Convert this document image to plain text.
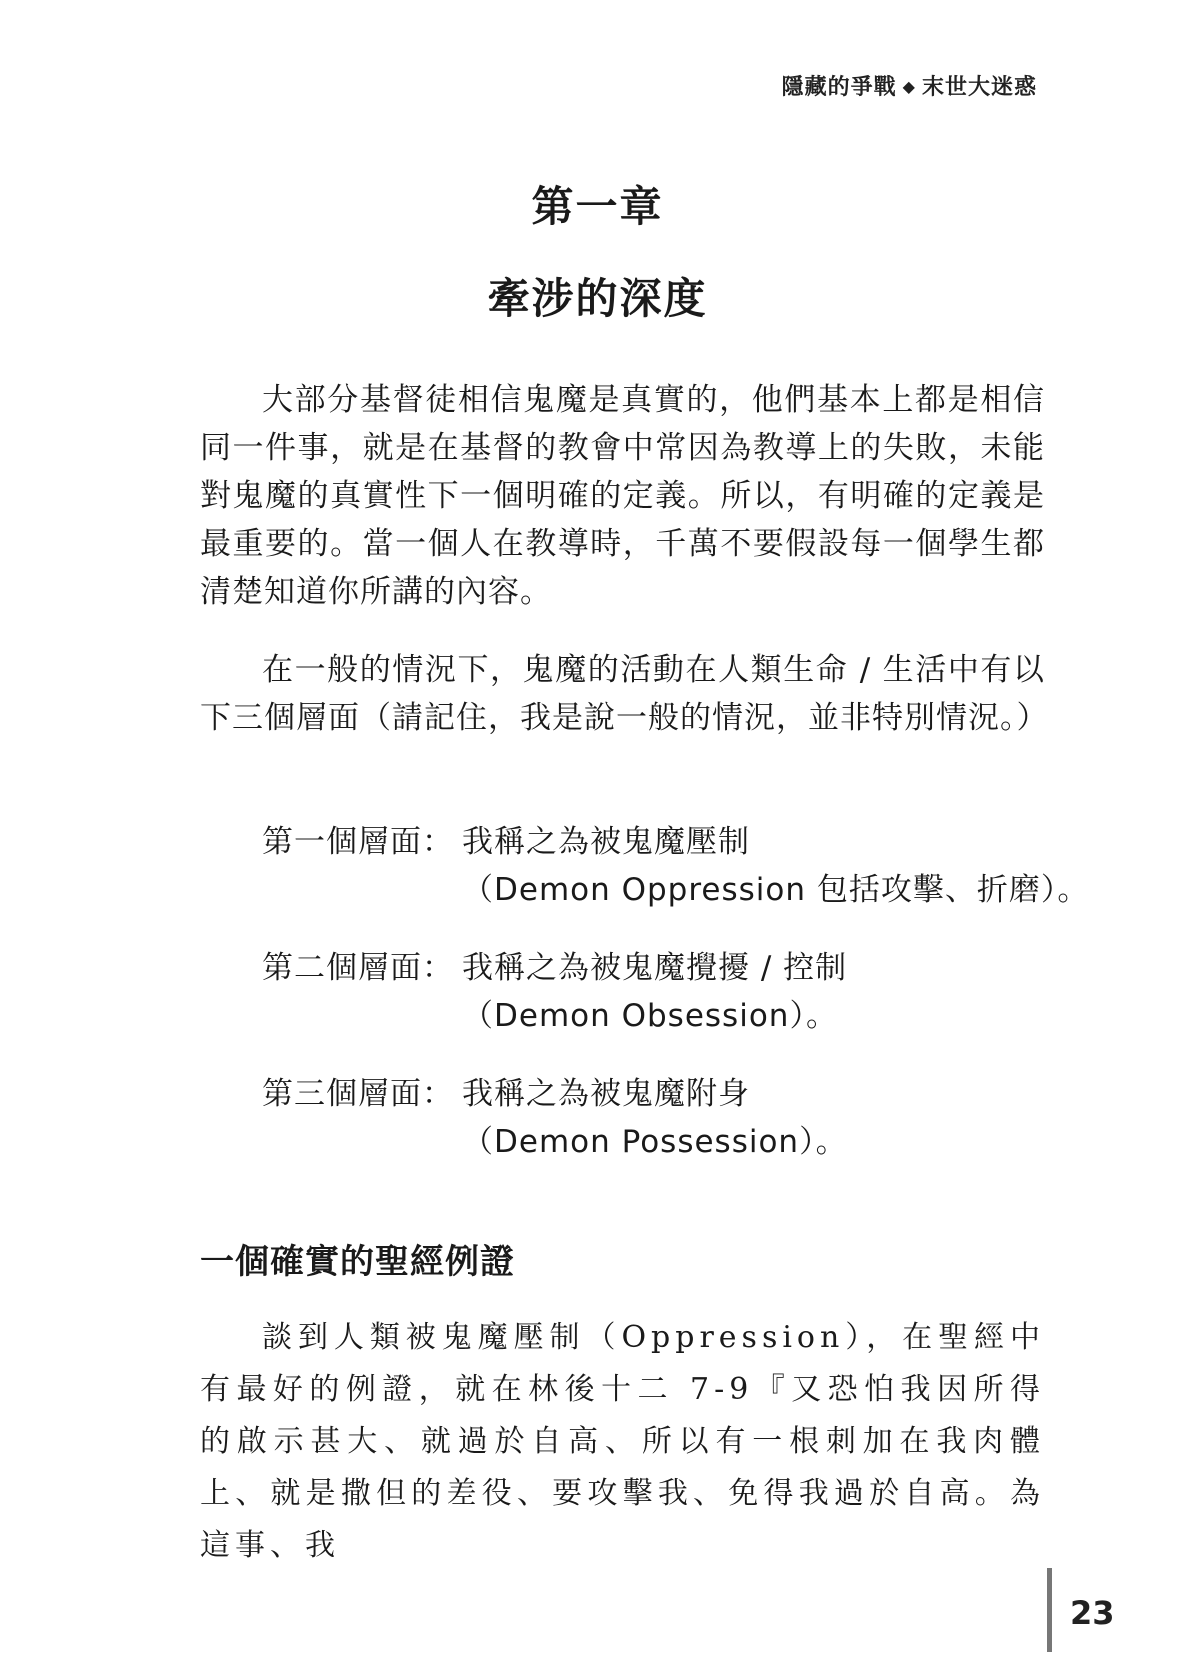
隱藏的爭戰 ◆ 末世大迷惑
第一章
牽涉的深度
大部分基督徒相信鬼魔是真實的，他們基本上都是相信同一件事，就是在基督的教會中常因為教導上的失敗，未能對鬼魔的真實性下一個明確的定義。所以，有明確的定義是最重要的。當一個人在教導時，千萬不要假設每一個學生都清楚知道你所講的內容。
在一般的情況下，鬼魔的活動在人類生命 / 生活中有以下三個層面（請記住，我是說一般的情況，並非特別情況。）
第一個層面： 我稱之為被鬼魔壓制
（Demon Oppression 包括攻擊、折磨）。
第二個層面： 我稱之為被鬼魔攪擾 / 控制
（Demon Obsession）。
第三個層面： 我稱之為被鬼魔附身
（Demon Possession）。
一個確實的聖經例證
談到人類被鬼魔壓制（Oppression），在聖經中有最好的例證，就在林後十二 7-9『又恐怕我因所得的啟示甚大、就過於自高、所以有一根刺加在我肉體上、就是撒但的差役、要攻擊我、免得我過於自高。為這事、我
23
